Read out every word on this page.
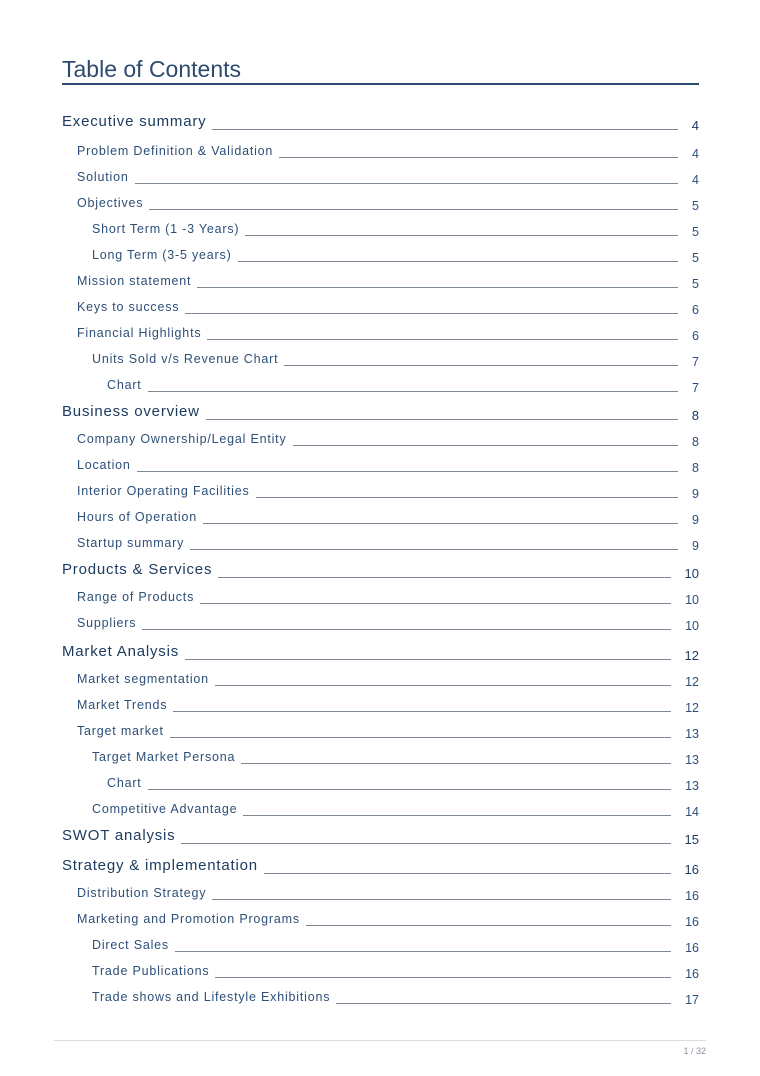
Table of Contents
Executive summary	4
Problem Definition & Validation	4
Solution	4
Objectives	5
Short Term (1 -3 Years)	5
Long Term (3-5 years)	5
Mission statement	5
Keys to success	6
Financial Highlights	6
Units Sold v/s Revenue Chart	7
Chart	7
Business overview	8
Company Ownership/Legal Entity	8
Location	8
Interior Operating Facilities	9
Hours of Operation	9
Startup summary	9
Products & Services	10
Range of Products	10
Suppliers	10
Market Analysis	12
Market segmentation	12
Market Trends	12
Target market	13
Target Market Persona	13
Chart	13
Competitive Advantage	14
SWOT analysis	15
Strategy & implementation	16
Distribution Strategy	16
Marketing and Promotion Programs	16
Direct Sales	16
Trade Publications	16
Trade shows and Lifestyle Exhibitions	17
1 / 32
